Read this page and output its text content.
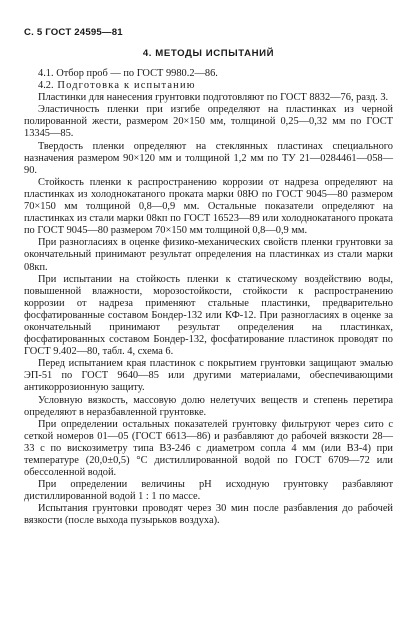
С. 5 ГОСТ 24595—81
4. МЕТОДЫ ИСПЫТАНИЙ
4.1. Отбор проб — по ГОСТ 9980.2—86.
4.2. Подготовка к испытанию
Пластинки для нанесения грунтовки подготовляют по ГОСТ 8832—76, разд. 3.
Эластичность пленки при изгибе определяют на пластинках из черной полированной жести, размером 20×150 мм, толщиной 0,25—0,32 мм по ГОСТ 13345—85.
Твердость пленки определяют на стеклянных пластинах специального назначения размером 90×120 мм и толщиной 1,2 мм по ТУ 21—0284461—058—90.
Стойкость пленки к распространению коррозии от надреза определяют на пластинках из холоднокатаного проката марки 08Ю по ГОСТ 9045—80 размером 70×150 мм толщиной 0,8—0,9 мм. Остальные показатели определяют на пластинках из стали марки 08кп по ГОСТ 16523—89 или холоднокатаного проката по ГОСТ 9045—80 размером 70×150 мм толщиной 0,8—0,9 мм.
При разногласиях в оценке физико-механических свойств пленки грунтовки за окончательный принимают результат определения на пластинках из стали марки 08кп.
При испытании на стойкость пленки к статическому воздействию воды, повышенной влажности, морозостойкости, стойкости к распространению коррозии от надреза применяют стальные пластинки, предварительно фосфатированные составом Бондер-132 или КФ-12. При разногласиях в оценке за окончательный принимают результат определения на пластинках, фосфатированных составом Бондер-132, фосфатирование пластинок проводят по ГОСТ 9.402—80, табл. 4, схема 6.
Перед испытанием края пластинок с покрытием грунтовки защищают эмалью ЭП-51 по ГОСТ 9640—85 или другими материалами, обеспечивающими антикоррозионную защиту.
Условную вязкость, массовую долю нелетучих веществ и степень перетира определяют в неразбавленной грунтовке.
При определении остальных показателей грунтовку фильтруют через сито с сеткой номеров 01—05 (ГОСТ 6613—86) и разбавляют до рабочей вязкости 28—33 с по вискозиметру типа ВЗ-246 с диаметром сопла 4 мм (или ВЗ-4) при температуре (20,0±0,5) °С дистиллированной водой по ГОСТ 6709—72 или обессоленной водой.
При определении величины pH исходную грунтовку разбавляют дистиллированной водой 1 : 1 по массе.
Испытания грунтовки проводят через 30 мин после разбавления до рабочей вязкости (после выхода пузырьков воздуха).
